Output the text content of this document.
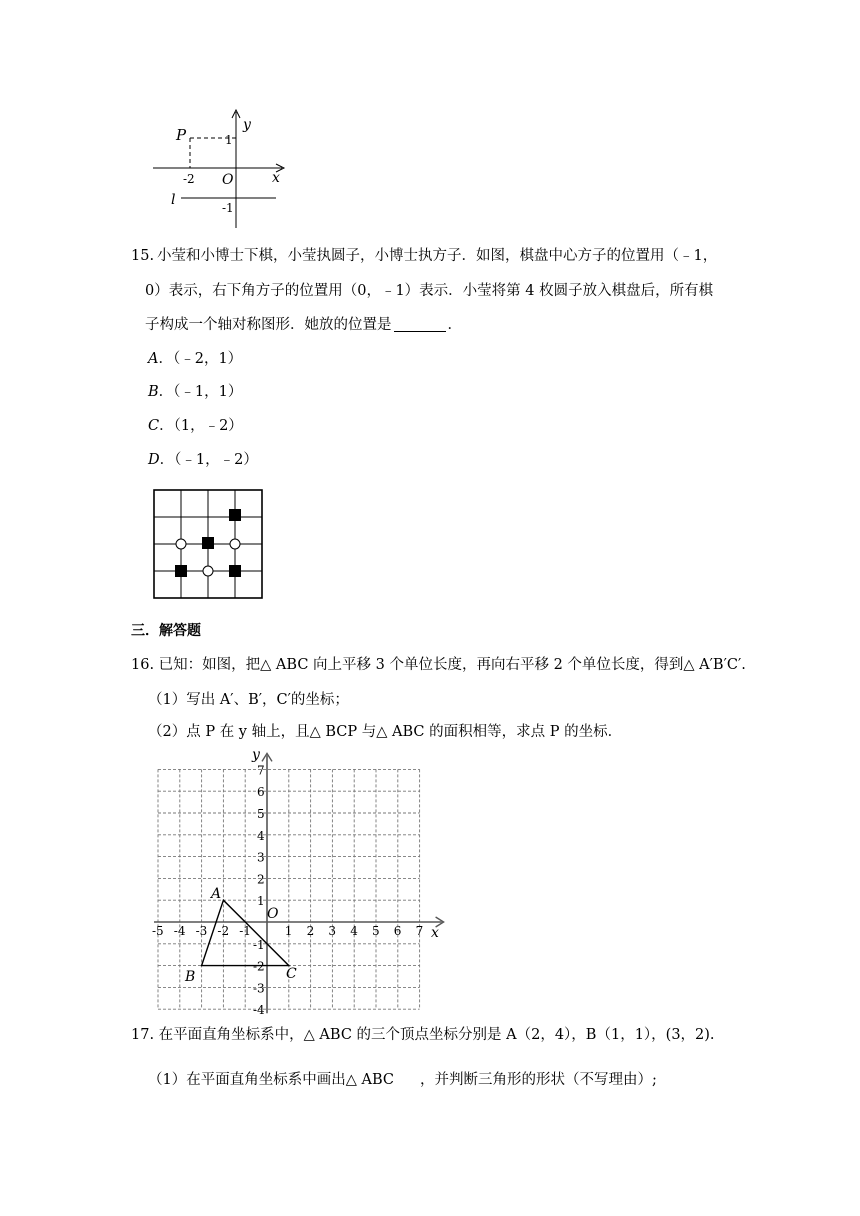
P
y
x
O
l
1
-2
-1
15. 小莹和小博士下棋，小莹执圆子，小博士执方子．如图，棋盘中心方子的位置用（﹣1，
0）表示，右下角方子的位置用（0，﹣1）表示．小莹将第 4 枚圆子放入棋盘后，所有棋
子构成一个轴对称图形．她放的位置是	．
A．（﹣2，1）
B．（﹣1，1）
C．（1，﹣2）
D．（﹣1，﹣2）
三．解答题
16. 已知：如图，把△ ABC 向上平移 3 个单位长度，再向右平移 2 个单位长度，得到△ A′B′C′.
（1）写出 A′、B′，C′的坐标；
（2）点 P 在 y 轴上，且△ BCP 与△ ABC 的面积相等，求点 P 的坐标．
-5 -4 -3 -2 -1	1 2 3 4 5 6 7
7
6
5
4
3
2
1
-1
-2
-3
-4
x
y
O
A
B	C
17. 在平面直角坐标系中，△ ABC 的三个顶点坐标分别是 A（2，4），B（1，1），(3，2).
（1）在平面直角坐标系中画出△ ABC ，并判断三角形的形状（不写理由）;
